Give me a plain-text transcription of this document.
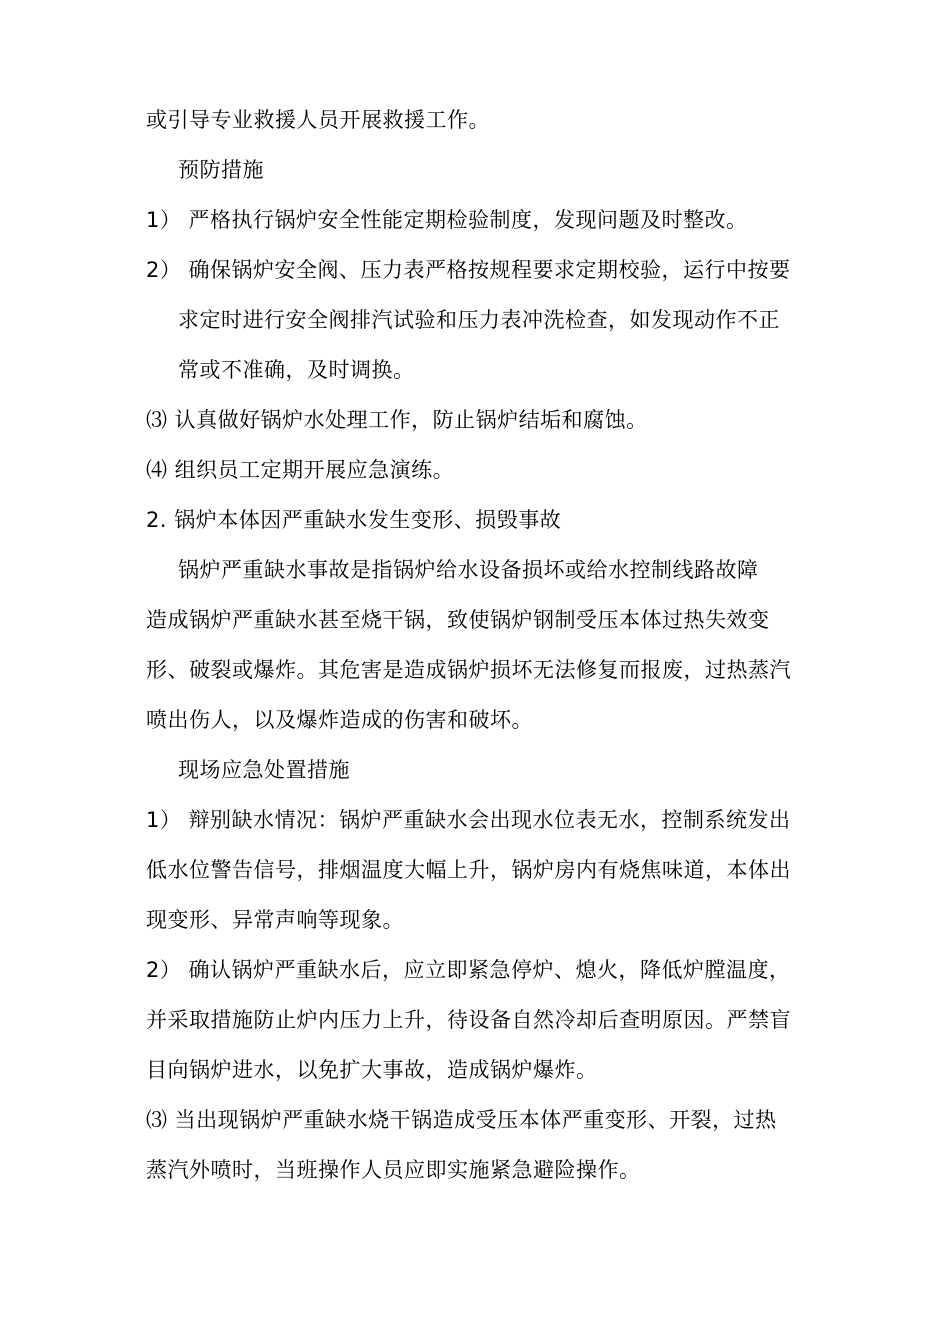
或引导专业救援人员开展救援工作。
预防措施
1） 严格执行锅炉安全性能定期检验制度，发现问题及时整改。
2） 确保锅炉安全阀、压力表严格按规程要求定期校验，运行中按要
求定时进行安全阀排汽试验和压力表冲洗检查，如发现动作不正
常或不准确，及时调换。
⑶ 认真做好锅炉水处理工作，防止锅炉结垢和腐蚀。
⑷ 组织员工定期开展应急演练。
2. 锅炉本体因严重缺水发生变形、损毁事故
锅炉严重缺水事故是指锅炉给水设备损坏或给水控制线路故障
造成锅炉严重缺水甚至烧干锅，致使锅炉钢制受压本体过热失效变
形、破裂或爆炸。其危害是造成锅炉损坏无法修复而报废，过热蒸汽
喷出伤人，以及爆炸造成的伤害和破坏。
现场应急处置措施
1） 辩别缺水情况：锅炉严重缺水会出现水位表无水，控制系统发出
低水位警告信号，排烟温度大幅上升，锅炉房内有烧焦味道，本体出
现变形、异常声响等现象。
2） 确认锅炉严重缺水后，应立即紧急停炉、熄火，降低炉膛温度，
并采取措施防止炉内压力上升，待设备自然冷却后查明原因。严禁盲
目向锅炉进水，以免扩大事故，造成锅炉爆炸。
⑶ 当出现锅炉严重缺水烧干锅造成受压本体严重变形、开裂，过热
蒸汽外喷时，当班操作人员应即实施紧急避险操作。
